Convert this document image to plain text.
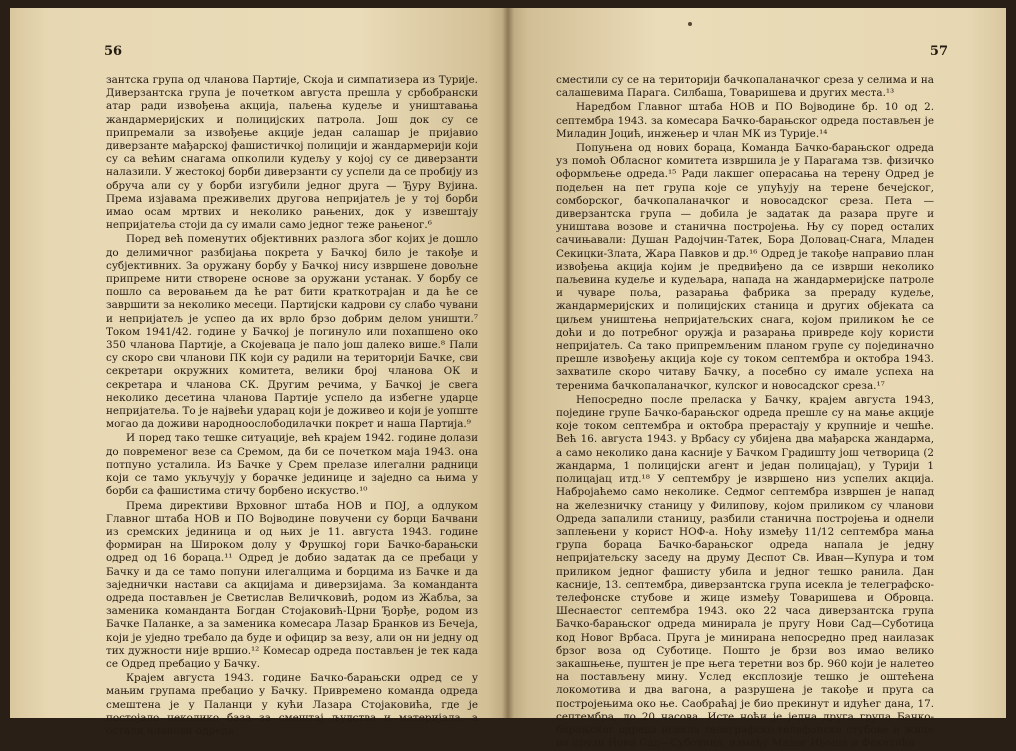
56

зантска група од чланова Партије, Скоја и симпатизера из Турије. Диверзантска група је почетком августа прешла у србобрански атар ради извођења акција, паљења кудеље и уништавања жандармеријских и полицијских патрола. Још док су се припремали за извођење акције један салашар је пријавио диверзанте мађарској фашистичкој полицији и жандармерији који су са већим снагама опколили кудељу у којој су се диверзанти налазили. У жестокој борби диверзанти су успели да се пробију из обруча али су у борби изгубили једног друга — Ђуру Вујина. Према изјавама преживелих другова непријатељ је у тој борби имао осам мртвих и неколико рањених, док у извештају непријатеља стоји да су имали само једног теже рањеног.⁶

Поред већ поменутих објективних разлога због којих је дошло до делимичног разбијања покрета у Бачкој било је такође и субјективних. За оружану борбу у Бачкој нису извршене довољне припреме нити створене основе за оружани устанак. У борбу се пошло са веровањем да ће рат бити краткотрајан и да ће се завршити за неколико месеци. Партијски кадрови су слабо чувани и непријатељ је успео да их врло брзо добрим делом уништи.⁷ Током 1941/42. године у Бачкој је погинуло или похапшено око 350 чланова Партије, а Скојеваца је пало још далеко више.⁸ Пали су скоро сви чланови ПК који су радили на територији Бачке, сви секретари окружних комитета, велики број чланова ОК и секретара и чланова СК. Другим речима, у Бачкој је свега неколико десетина чланова Партије успело да избегне ударце непријатеља. То је највећи ударац који је доживео и који је уопште могао да доживи народноослободилачки покрет и наша Партија.⁹

И поред тако тешке ситуације, већ крајем 1942. године долази до повременог везе са Сремом, да би се почетком маја 1943. она потпуно усталила. Из Бачке у Срем прелазе илегални радници који се тамо укључују у борачке јединице и заједно са њима у борби са фашистима стичу борбено искуство.¹⁰

Према директиви Врховног штаба НОВ и ПОЈ, а одлуком Главног штаба НОВ и ПО Војводине повучени су борци Бачвани из сремских јединица и од њих је 11. августа 1943. године формиран на Широком долу у Фрушкој гори Бачко-барањски одред од 16 бораца.¹¹ Одред је добио задатак да се пребаци у Бачку и да се тамо попуни илегалцима и борцима из Бачке и да заједнички настави са акцијама и диверзијама. За команданта одреда постављен је Светислав Величковић, родом из Жабља, за заменика команданта Богдан Стојаковић-Црни Ђорђе, родом из Бачке Паланке, а за заменика комесара Лазар Бранков из Бечеја, који је уједно требало да буде и официр за везу, али он ни једну од тих дужности није вршио.¹² Комесар одреда постављен је тек када се Одред пребацио у Бачку.

Крајем августа 1943. године Бачко-барањски одред се у мањим групама пребацио у Бачку. Привремено команда одреда смештена је у Паланци у кући Лазара Стојаковића, где је постојало неколико база за смештај људства и материјала, а остали чланови одреда

57

сместили су се на територији бачкопаланачког среза у селима и на салашевима Парага. Силбаша, Товаришева и других места.¹³

Наредбом Главног штаба НОВ и ПО Војводине бр. 10 од 2. септембра 1943. за комесара Бачко-барањског одреда постављен је Миладин Јоцић, инжењер и члан МК из Турије.¹⁴

Попуњена од нових бораца, Команда Бачко-барањског одреда уз помоћ Обласног комитета извршила је у Парагама тзв. физичко оформљење одреда.¹⁵ Ради лакшег операсања на терену Одред је подељен на пет група које се упућују на терене бечејског, сомборског, бачкопаланачког и новосадског среза. Пета — диверзантска група — добила је задатак да разара пруге и уништава возове и станична постројења. Њу су поред осталих сачињавали: Душан Радојчин-Татек, Бора Доловац-Снага, Младен Секицки-Злата, Жара Павков и др.¹⁶ Одред је такође направио план извођења акција којим је предвиђено да се изврши неколико паљевина кудеље и кудељара, напада на жандармеријске патроле и чуваре поља, разарања фабрика за прераду кудеље, жандармеријских и полицијских станица и других објеката са циљем уништења непријатељских снага, којом приликом ће се доћи и до потребног оружја и разарања привреде коју користи непријатељ. Са тако припремљеним планом групе су појединачно прешле извођењу акција које су током септембра и октобра 1943. захватиле скоро читаву Бачку, а посебно су имале успеха на теренима бачкопаланачког, кулског и новосадског среза.¹⁷

Непосредно после преласка у Бачку, крајем августа 1943, поједине групе Бачко-барањског одреда прешле су на мање акције које током септембра и октобра прерастају у крупније и чешће. Већ 16. августа 1943. у Врбасу су убијена два мађарска жандарма, а само неколико дана касније у Бачком Градишту још четворица (2 жандарма, 1 полицијски агент и један полицајац), у Турији 1 полицајац итд.¹⁸ У септембру је извршено низ успелих акција. Набројаћемо само неколике. Седмог септембра извршен је напад на железничку станицу у Филипову, којом приликом су чланови Одреда запалили станицу, разбили станична постројења и однели заплењени у корист НОФ-а. Ноћу између 11/12 септембра мања група бораца Бачко-барањског одреда напала је једну непријатељску заседу на друму Деспот Св. Иван—Купура и том приликом једног фашисту убила и једног тешко ранила. Дан касније, 13. септембра, диверзантска група исекла је телеграфско-телефонске стубове и жице између Товаришева и Обровца. Шеснаестог септембра 1943. око 22 часа диверзантска група Бачко-барањског одреда минирала је пругу Нови Сад—Суботица код Новог Врбаса. Пруга је минирана непосредно пред наилазак брзог воза од Суботице. Пошто је брзи воз имао велико закашњење, пуштен је пре њега теретни воз бр. 960 који је налетео на постављену мину. Услед експлозије тешко је оштећена локомотива и два вагона, а разрушена је такође и пруга са постројењима око ње. Саобраћај је био прекинут и идућег дана, 17. септембра, до 20 часова. Исте ноћи је једна друга група Бачко-барањског одреда исекла телеграфско-телефонске стубове и жице на прузи Нови Сад—Суботица, између Малог Иђоша и Фекетића
